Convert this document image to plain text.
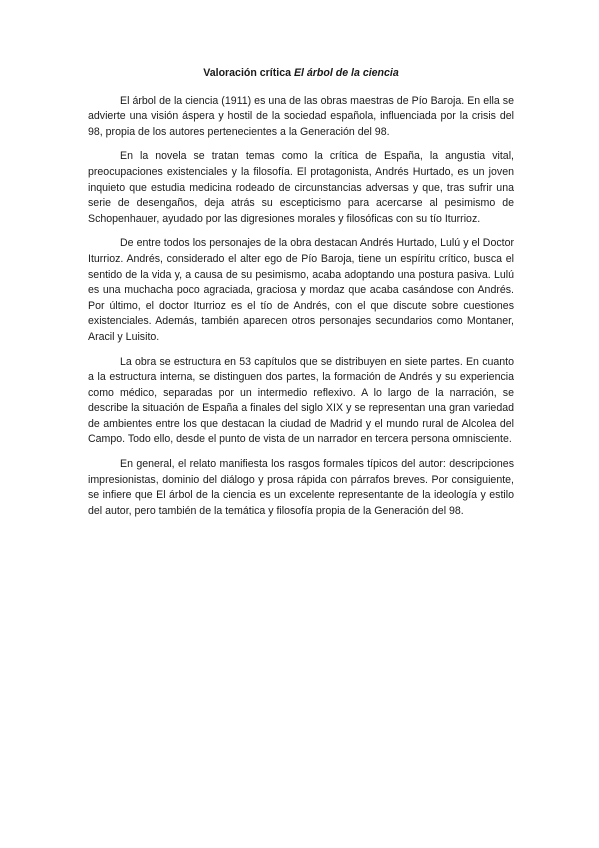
Valoración crítica El árbol de la ciencia

El árbol de la ciencia (1911) es una de las obras maestras de Pío Baroja. En ella se advierte una visión áspera y hostil de la sociedad española, influenciada por la crisis del 98, propia de los autores pertenecientes a la Generación del 98.

En la novela se tratan temas como la crítica de España, la angustia vital, preocupaciones existenciales y la filosofía. El protagonista, Andrés Hurtado, es un joven inquieto que estudia medicina rodeado de circunstancias adversas y que, tras sufrir una serie de desengaños, deja atrás su escepticismo para acercarse al pesimismo de Schopenhauer, ayudado por las digresiones morales y filosóficas con su tío Iturrioz.

De entre todos los personajes de la obra destacan Andrés Hurtado, Lulú y el Doctor Iturrioz. Andrés, considerado el alter ego de Pío Baroja, tiene un espíritu crítico, busca el sentido de la vida y, a causa de su pesimismo, acaba adoptando una postura pasiva. Lulú es una muchacha poco agraciada, graciosa y mordaz que acaba casándose con Andrés. Por último, el doctor Iturrioz es el tío de Andrés, con el que discute sobre cuestiones existenciales. Además, también aparecen otros personajes secundarios como Montaner, Aracil y Luisito.

La obra se estructura en 53 capítulos que se distribuyen en siete partes. En cuanto a la estructura interna, se distinguen dos partes, la formación de Andrés y su experiencia como médico, separadas por un intermedio reflexivo. A lo largo de la narración, se describe la situación de España a finales del siglo XIX y se representan una gran variedad de ambientes entre los que destacan la ciudad de Madrid y el mundo rural de Alcolea del Campo. Todo ello, desde el punto de vista de un narrador en tercera persona omnisciente.

En general, el relato manifiesta los rasgos formales típicos del autor: descripciones impresionistas, dominio del diálogo y prosa rápida con párrafos breves. Por consiguiente, se infiere que El árbol de la ciencia es un excelente representante de la ideología y estilo del autor, pero también de la temática y filosofía propia de la Generación del 98.
